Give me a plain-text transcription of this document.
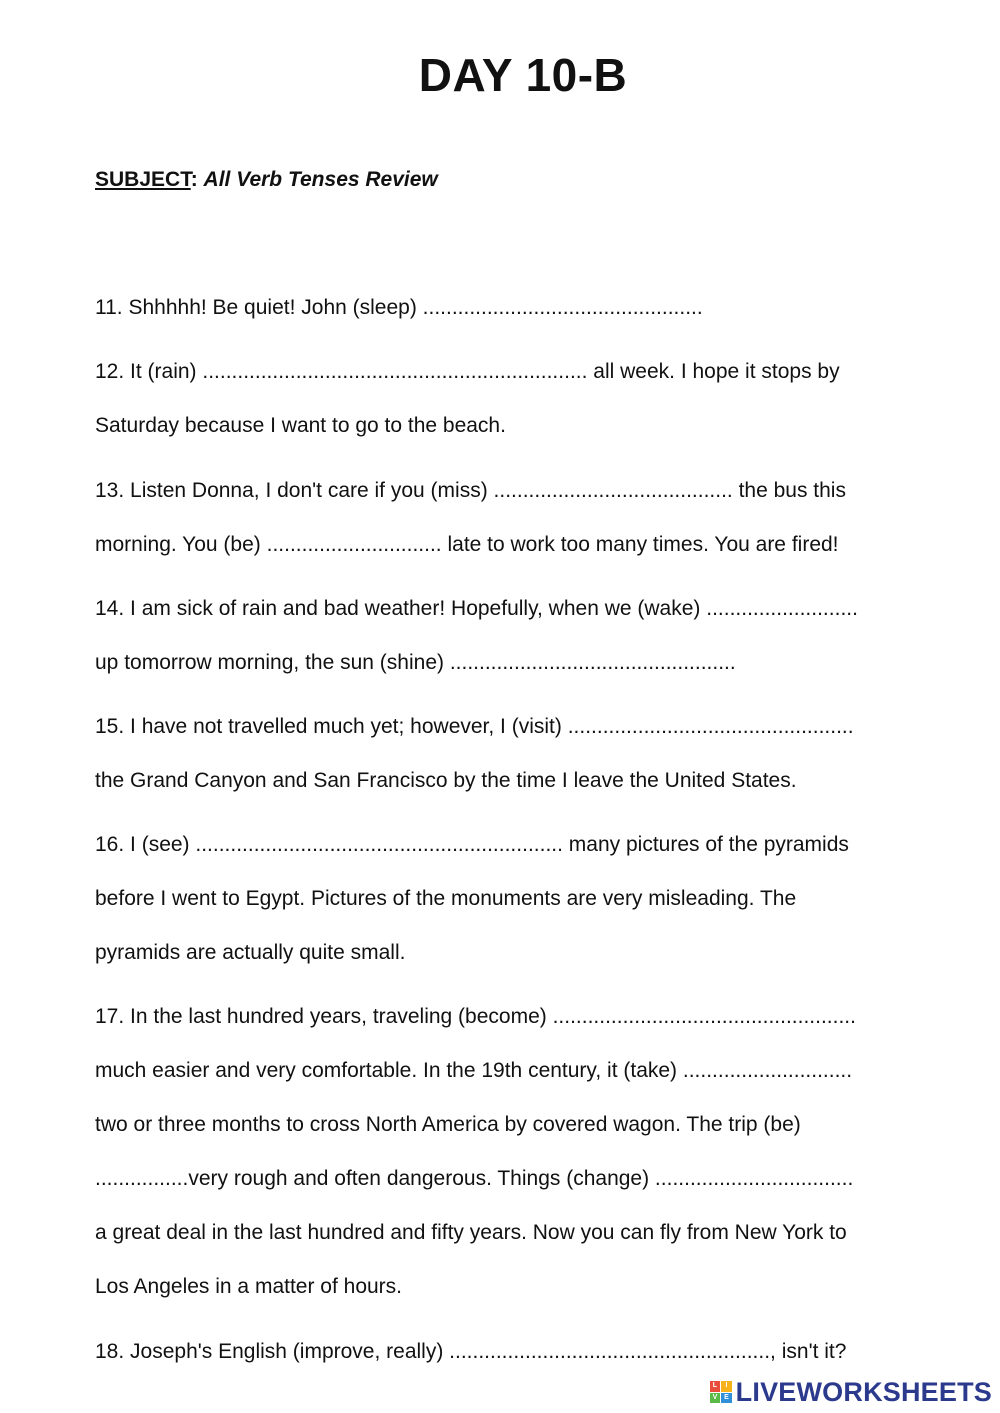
DAY 10-B
SUBJECT: All Verb Tenses Review
11. Shhhhh! Be quiet! John (sleep) ................................................
12. It (rain) .................................................................. all week. I hope it stops by
Saturday because I want to go to the beach.
13. Listen Donna, I don't care if you (miss) ......................................... the bus this
morning. You (be) .............................. late to work too many times. You are fired!
14. I am sick of rain and bad weather! Hopefully, when we (wake) ..........................
up tomorrow morning, the sun (shine) .................................................
15. I have not travelled much yet; however, I (visit) .................................................
the Grand Canyon and San Francisco by the time I leave the United States.
16. I (see) ............................................................... many pictures of the pyramids
before I went to Egypt. Pictures of the monuments are very misleading. The
pyramids are actually quite small.
17. In the last hundred years, traveling (become) ....................................................
much easier and very comfortable. In the 19th century, it (take) .............................
two or three months to cross North America by covered wagon. The trip (be)
................very rough and often dangerous. Things (change) ..................................
a great deal in the last hundred and fifty years. Now you can fly from New York to
Los Angeles in a matter of hours.
18. Joseph's English (improve, really) ......................................................., isn't it?
L	I
V E LIVEWORKSHEETS
